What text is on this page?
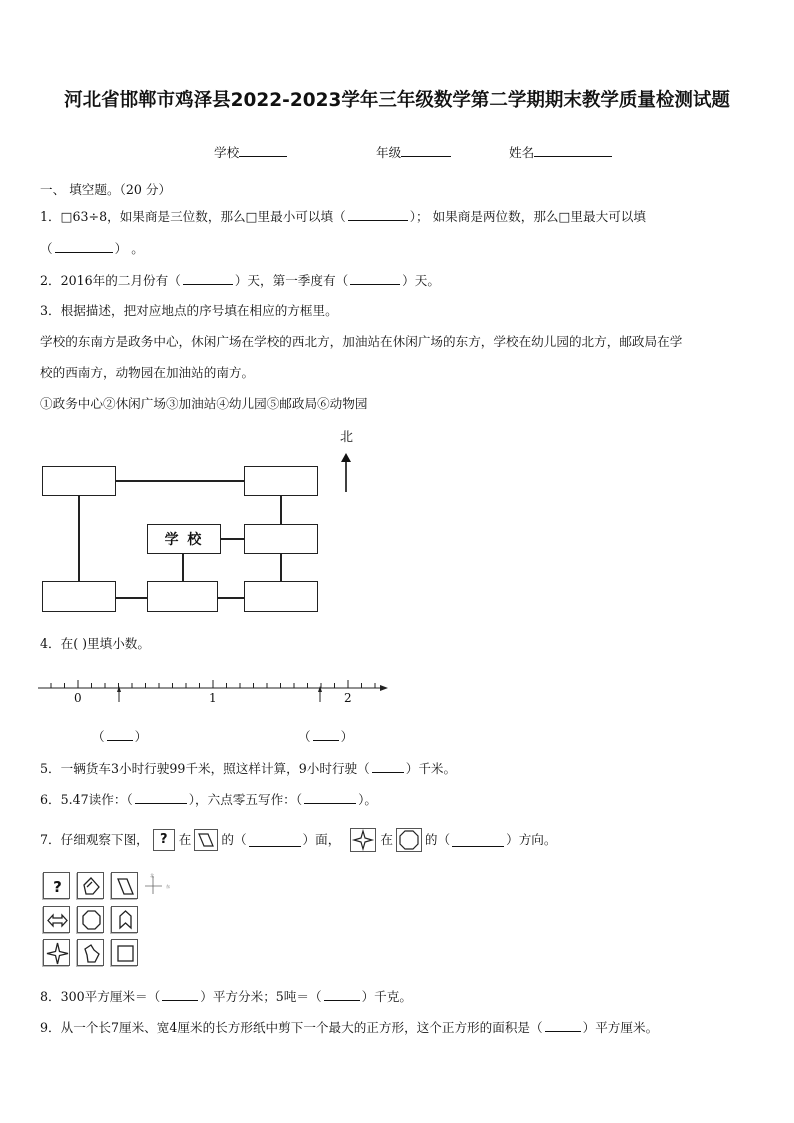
河北省邯郸市鸡泽县2022-2023学年三年级数学第二学期期末教学质量检测试题
学校	年级	姓名
一、 填空题。（20 分）
1．□63÷8，如果商是三位数，那么□里最小可以填（	）； 如果商是两位数，那么□里最大可以填
（	） 。
2．2016年的二月份有（	）天，第一季度有（	）天。
3．根据描述，把对应地点的序号填在相应的方框里。
学校的东南方是政务中心，休闲广场在学校的西北方，加油站在休闲广场的东方，学校在幼儿园的北方，邮政局在学
校的西南方，动物园在加油站的南方。
①政务中心②休闲广场③加油站④幼儿园⑤邮政局⑥动物园
北
学 校
4．在( )里填小数。
0	1	2
（ ）	（ ）
5．一辆货车3小时行驶99千米，照这样计算，9小时行驶（	）千米。
6．5.47读作：（	），六点零五写作：（	）。
7．仔细观察下图， ? 在 的（	）面，	在	的（	）方向。
?
北
东
8．300平方厘米＝（	）平方分米；5吨＝（	）千克。
9．从一个长7厘米、宽4厘米的长方形纸中剪下一个最大的正方形，这个正方形的面积是（	）平方厘米。
